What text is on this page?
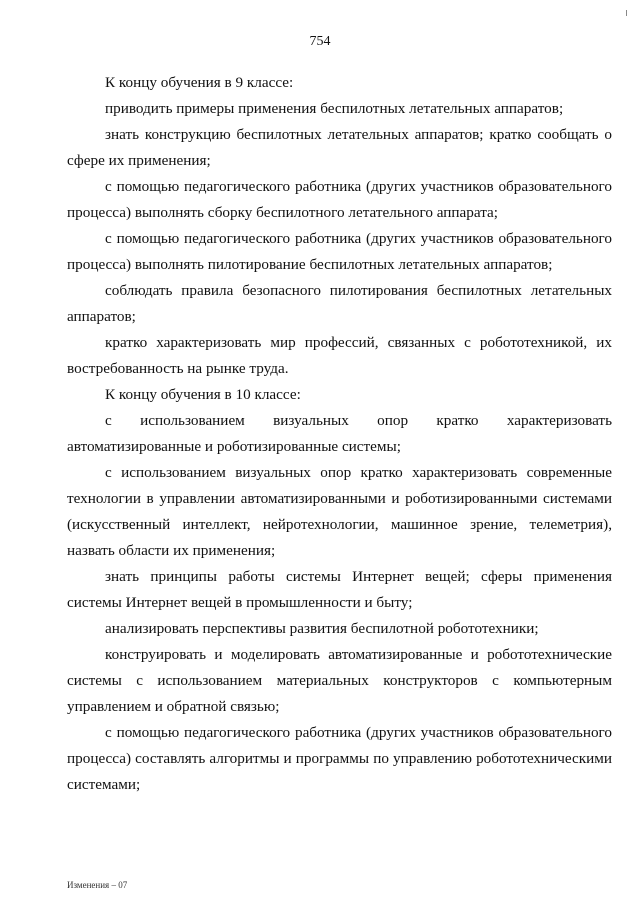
754

К концу обучения в 9 классе:

приводить примеры применения беспилотных летательных аппаратов;

знать конструкцию беспилотных летательных аппаратов; кратко сообщать о сфере их применения;

с помощью педагогического работника (других участников образовательного процесса) выполнять сборку беспилотного летательного аппарата;

с помощью педагогического работника (других участников образовательного процесса) выполнять пилотирование беспилотных летательных аппаратов;

соблюдать правила безопасного пилотирования беспилотных летательных аппаратов;

кратко характеризовать мир профессий, связанных с робототехникой, их востребованность на рынке труда.

К концу обучения в 10 классе:

с использованием визуальных опор кратко характеризовать автоматизированные и роботизированные системы;

с использованием визуальных опор кратко характеризовать современные технологии в управлении автоматизированными и роботизированными системами (искусственный интеллект, нейротехнологии, машинное зрение, телеметрия), назвать области их применения;

знать принципы работы системы Интернет вещей; сферы применения системы Интернет вещей в промышленности и быту;

анализировать перспективы развития беспилотной робототехники;

конструировать и моделировать автоматизированные и робототехнические системы с использованием материальных конструкторов с компьютерным управлением и обратной связью;

с помощью педагогического работника (других участников образовательного процесса) составлять алгоритмы и программы по управлению робототехническими системами;

Изменения – 07
